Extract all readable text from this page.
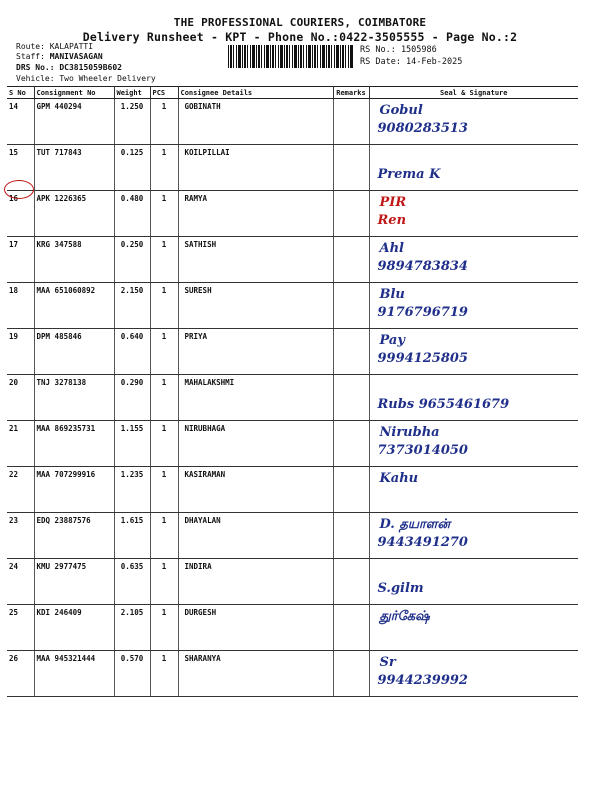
THE PROFESSIONAL COURIERS, COIMBATORE
Delivery Runsheet - KPT - Phone No.:0422-3505555 - Page No.:2
Route: KALAPATTI
Staff: MANIVASAGAN
DRS No.: DC3815059B602
Vehicle: Two Wheeler Delivery
RS No.: 1505986
RS Date: 14-Feb-2025
S No	Consignment No	Weight	PCS	Consignee Details	Remarks	Seal & Signature
14	GPM 440294	1.250	1	GOBINATH		Gobul
9080283513

15	TUT 717843	0.125	1	KOILPILLAI		Prema K

16	APK 1226365	0.480	1	RAMYA		PIR
Ren

17	KRG 347588	0.250	1	SATHISH		Ahl
9894783834

18	MAA 651060892	2.150	1	SURESH		Blu
9176796719

19	DPM 485846	0.640	1	PRIYA		Pay
9994125805

20	TNJ 3278138	0.290	1	MAHALAKSHMI		Rubs 9655461679

21	MAA 869235731	1.155	1	NIRUBHAGA		Nirubha
7373014050

22	MAA 707299916	1.235	1	KASIRAMAN		Kahu

23	EDQ 23887576	1.615	1	DHAYALAN		D. தயாளன்
9443491270

24	KMU 2977475	0.635	1	INDIRA		S.gilm

25	KDI 246409	2.105	1	DURGESH		துர்கேஷ்

26	MAA 945321444	0.570	1	SHARANYA		Sr
9944239992
